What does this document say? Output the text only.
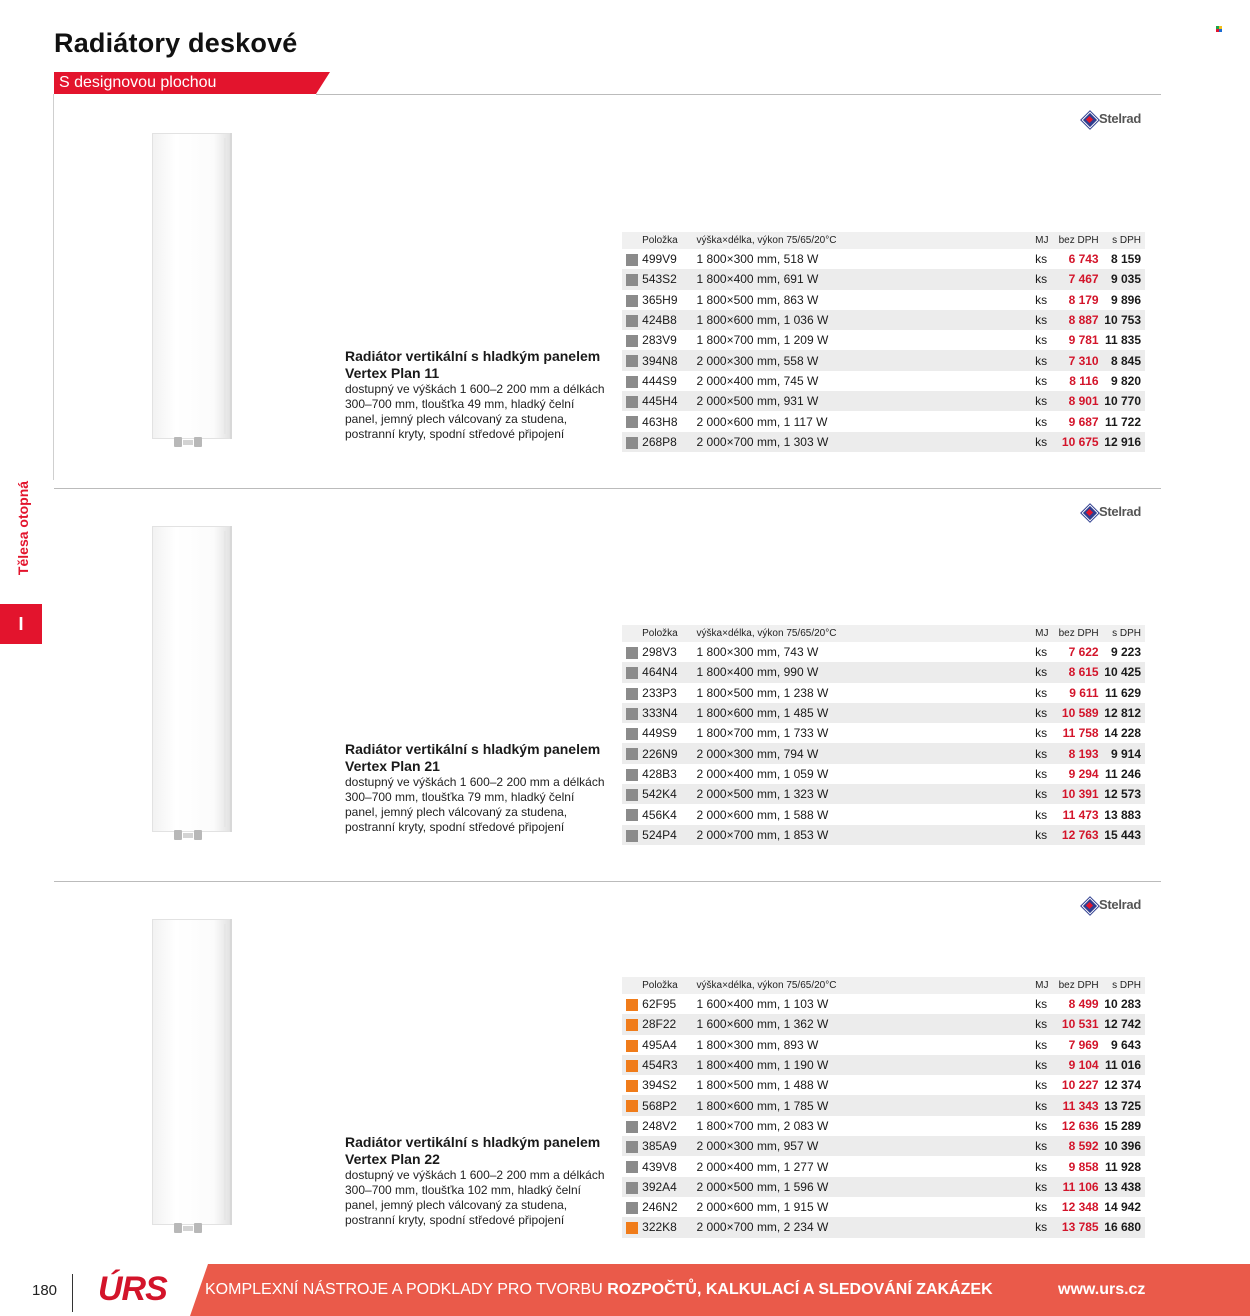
Radiátory deskové
S designovou plochou
Tělesa otopná
I
Stelrad
Radiátor vertikální s hladkým panelem Vertex Plan 11
dostupný ve výškách 1 600–2 200 mm a délkách 300–700 mm, tloušťka 49 mm, hladký čelní panel, jemný plech válcovaný za studena, postranní kryty, spodní středové připojení
	Položka	výška×délka, výkon 75/65/20°C	MJ	bez DPH	s DPH
	499V9	1 800×300 mm, 518 W	ks	6 743	8 159
	543S2	1 800×400 mm, 691 W	ks	7 467	9 035
	365H9	1 800×500 mm, 863 W	ks	8 179	9 896
	424B8	1 800×600 mm, 1 036 W	ks	8 887	10 753
	283V9	1 800×700 mm, 1 209 W	ks	9 781	11 835
	394N8	2 000×300 mm, 558 W	ks	7 310	8 845
	444S9	2 000×400 mm, 745 W	ks	8 116	9 820
	445H4	2 000×500 mm, 931 W	ks	8 901	10 770
	463H8	2 000×600 mm, 1 117 W	ks	9 687	11 722
	268P8	2 000×700 mm, 1 303 W	ks	10 675	12 916
Stelrad
Radiátor vertikální s hladkým panelem Vertex Plan 21
dostupný ve výškách 1 600–2 200 mm a délkách 300–700 mm, tloušťka 79 mm, hladký čelní panel, jemný plech válcovaný za studena, postranní kryty, spodní středové připojení
	Položka	výška×délka, výkon 75/65/20°C	MJ	bez DPH	s DPH
	298V3	1 800×300 mm, 743 W	ks	7 622	9 223
	464N4	1 800×400 mm, 990 W	ks	8 615	10 425
	233P3	1 800×500 mm, 1 238 W	ks	9 611	11 629
	333N4	1 800×600 mm, 1 485 W	ks	10 589	12 812
	449S9	1 800×700 mm, 1 733 W	ks	11 758	14 228
	226N9	2 000×300 mm, 794 W	ks	8 193	9 914
	428B3	2 000×400 mm, 1 059 W	ks	9 294	11 246
	542K4	2 000×500 mm, 1 323 W	ks	10 391	12 573
	456K4	2 000×600 mm, 1 588 W	ks	11 473	13 883
	524P4	2 000×700 mm, 1 853 W	ks	12 763	15 443
Stelrad
Radiátor vertikální s hladkým panelem Vertex Plan 22
dostupný ve výškách 1 600–2 200 mm a délkách 300–700 mm, tloušťka 102 mm, hladký čelní panel, jemný plech válcovaný za studena, postranní kryty, spodní středové připojení
	Položka	výška×délka, výkon 75/65/20°C	MJ	bez DPH	s DPH
	62F95	1 600×400 mm, 1 103 W	ks	8 499	10 283
	28F22	1 600×600 mm, 1 362 W	ks	10 531	12 742
	495A4	1 800×300 mm, 893 W	ks	7 969	9 643
	454R3	1 800×400 mm, 1 190 W	ks	9 104	11 016
	394S2	1 800×500 mm, 1 488 W	ks	10 227	12 374
	568P2	1 800×600 mm, 1 785 W	ks	11 343	13 725
	248V2	1 800×700 mm, 2 083 W	ks	12 636	15 289
	385A9	2 000×300 mm, 957 W	ks	8 592	10 396
	439V8	2 000×400 mm, 1 277 W	ks	9 858	11 928
	392A4	2 000×500 mm, 1 596 W	ks	11 106	13 438
	246N2	2 000×600 mm, 1 915 W	ks	12 348	14 942
	322K8	2 000×700 mm, 2 234 W	ks	13 785	16 680
180 ÚRS KOMPLEXNÍ NÁSTROJE A PODKLADY PRO TVORBU ROZPOČTŮ, KALKULACÍ A SLEDOVÁNÍ ZAKÁZEK	www.urs.cz
